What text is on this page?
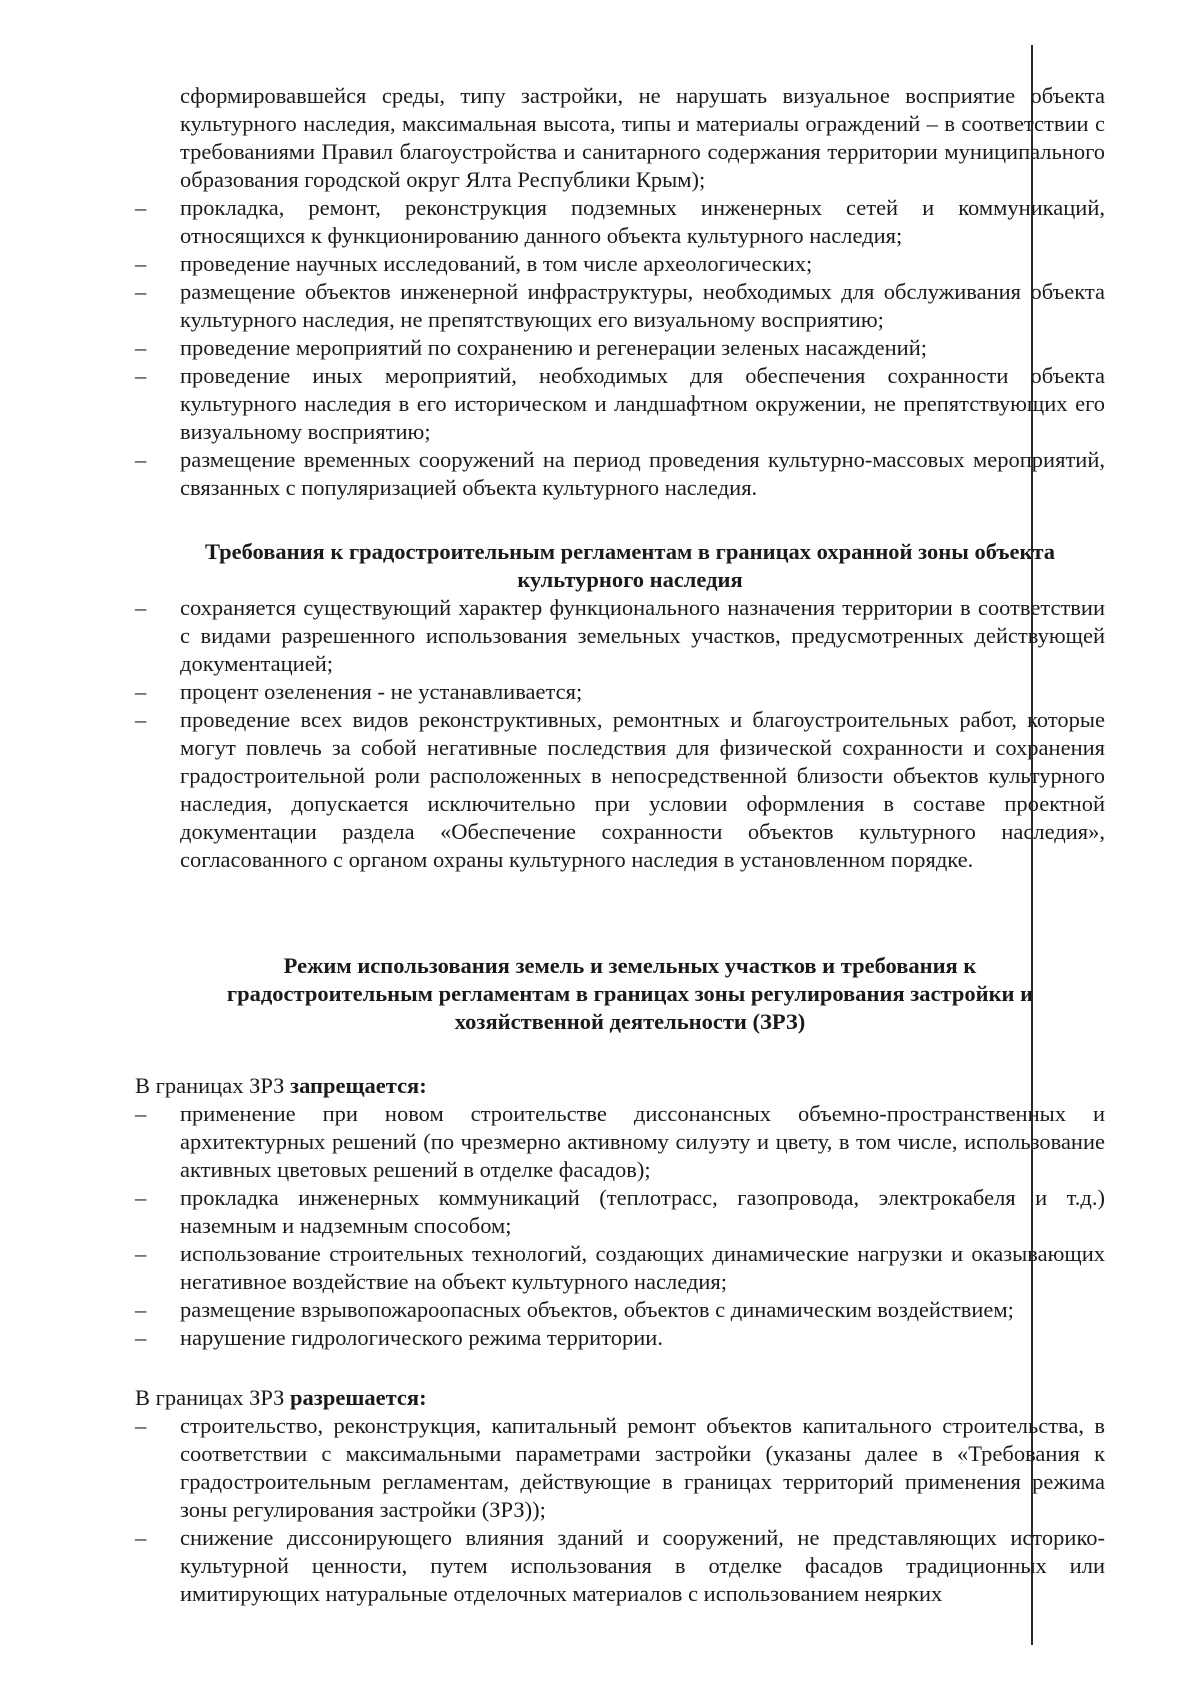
сформировавшейся среды, типу застройки, не нарушать визуальное восприятие объекта культурного наследия, максимальная высота, типы и материалы ограждений – в соответствии с требованиями Правил благоустройства и санитарного содержания территории муниципального образования городской округ Ялта Республики Крым);

–	прокладка, ремонт, реконструкция подземных инженерных сетей и коммуникаций, относящихся к функционированию данного объекта культурного наследия;

–	проведение научных исследований, в том числе археологических;

–	размещение объектов инженерной инфраструктуры, необходимых для обслуживания объекта культурного наследия, не препятствующих его визуальному восприятию;

–	проведение мероприятий по сохранению и регенерации зеленых насаждений;

–	проведение иных мероприятий, необходимых для обеспечения сохранности объекта культурного наследия в его историческом и ландшафтном окружении, не препятствующих его визуальному восприятию;

–	размещение временных сооружений на период проведения культурно-массовых мероприятий, связанных с популяризацией объекта культурного наследия.

Требования к градостроительным регламентам в границах охранной зоны объекта
культурного наследия

–	сохраняется существующий характер функционального назначения территории в соответствии с видами разрешенного использования земельных участков, предусмотренных действующей документацией;

–	процент озеленения - не устанавливается;

–	проведение всех видов реконструктивных, ремонтных и благоустроительных работ, которые могут повлечь за собой негативные последствия для физической сохранности и сохранения градостроительной роли расположенных в непосредственной близости объектов культурного наследия, допускается исключительно при условии оформления в составе проектной документации раздела «Обеспечение сохранности объектов культурного наследия», согласованного с органом охраны культурного наследия в установленном порядке.

Режим использования земель и земельных участков и требования к
градостроительным регламентам в границах зоны регулирования застройки и
хозяйственной деятельности (ЗРЗ)

В границах ЗРЗ запрещается:

–	применение при новом строительстве диссонансных объемно-пространственных и архитектурных решений (по чрезмерно активному силуэту и цвету, в том числе, использование активных цветовых решений в отделке фасадов);

–	прокладка инженерных коммуникаций (теплотрасс, газопровода, электрокабеля и т.д.) наземным и надземным способом;

–	использование строительных технологий, создающих динамические нагрузки и оказывающих негативное воздействие на объект культурного наследия;

–	размещение взрывопожароопасных объектов, объектов с динамическим воздействием;

–	нарушение гидрологического режима территории.

В границах ЗРЗ разрешается:

–	строительство, реконструкция, капитальный ремонт объектов капитального строительства, в соответствии с максимальными параметрами застройки (указаны далее в «Требования к градостроительным регламентам, действующие в границах территорий применения режима зоны регулирования застройки (ЗРЗ));

–	снижение диссонирующего влияния зданий и сооружений, не представляющих историко-культурной ценности, путем использования в отделке фасадов традиционных или имитирующих натуральные отделочных материалов с использованием неярких
